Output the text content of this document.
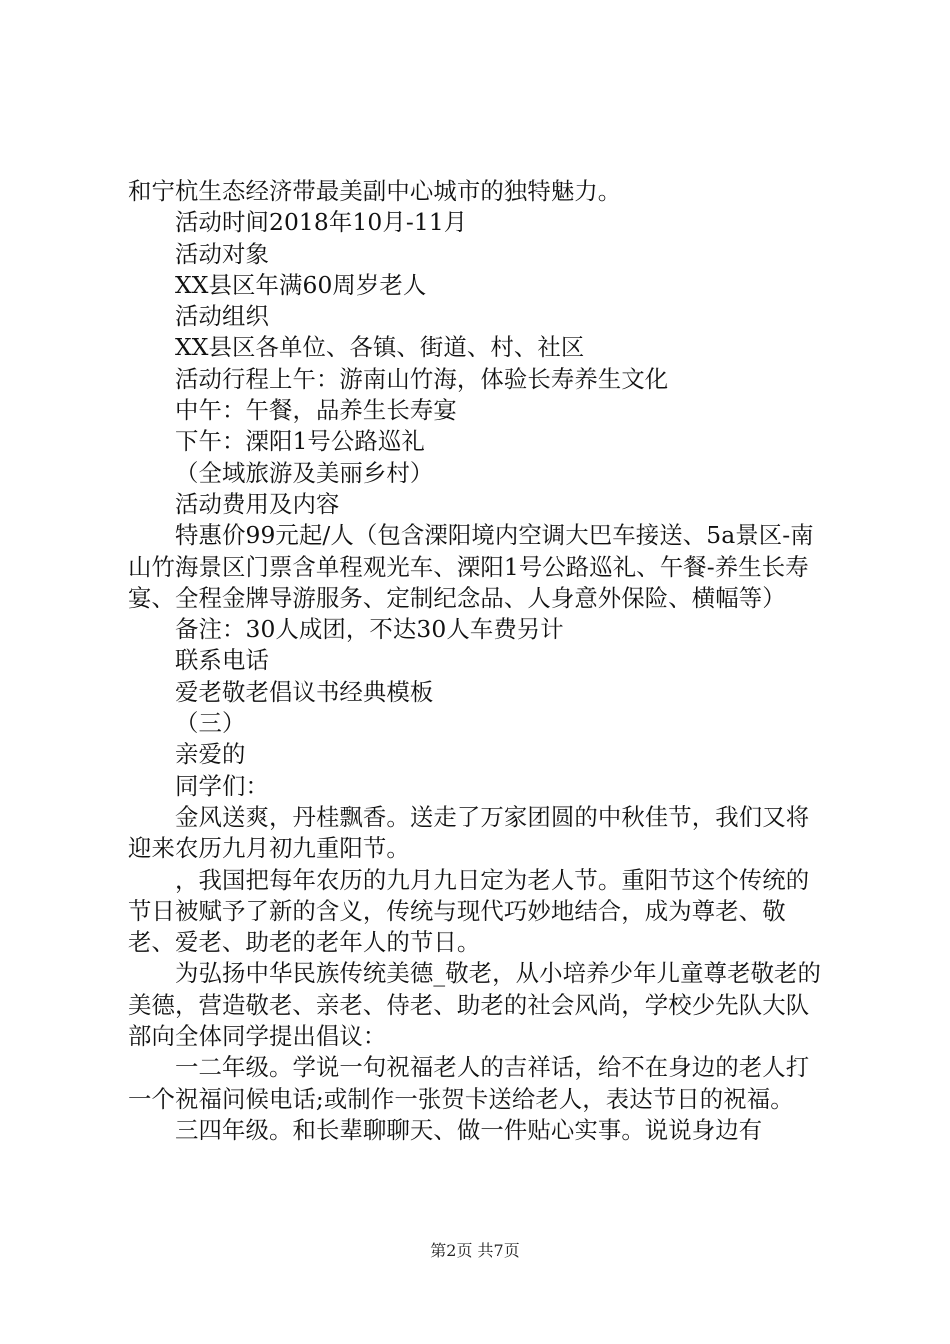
和宁杭生态经济带最美副中心城市的独特魅力。

活动时间2018年10月-11月

活动对象

XX县区年满60周岁老人

活动组织

XX县区各单位、各镇、街道、村、社区

活动行程上午：游南山竹海，体验长寿养生文化

中午：午餐，品养生长寿宴

下午：溧阳1号公路巡礼

（全域旅游及美丽乡村）

活动费用及内容

特惠价99元起/人（包含溧阳境内空调大巴车接送、5a景区-南山竹海景区门票含单程观光车、溧阳1号公路巡礼、午餐-养生长寿宴、全程金牌导游服务、定制纪念品、人身意外保险、横幅等）

备注：30人成团，不达30人车费另计

联系电话

爱老敬老倡议书经典模板

（三）

亲爱的

同学们：

金风送爽，丹桂飘香。送走了万家团圆的中秋佳节，我们又将迎来农历九月初九重阳节。

，我国把每年农历的九月九日定为老人节。重阳节这个传统的节日被赋予了新的含义，传统与现代巧妙地结合，成为尊老、敬老、爱老、助老的老年人的节日。

为弘扬中华民族传统美德_敬老，从小培养少年儿童尊老敬老的美德，营造敬老、亲老、侍老、助老的社会风尚，学校少先队大队部向全体同学提出倡议：

一二年级。学说一句祝福老人的吉祥话，给不在身边的老人打一个祝福问候电话;或制作一张贺卡送给老人，表达节日的祝福。

三四年级。和长辈聊聊天、做一件贴心实事。说说身边有

第2页 共7页
